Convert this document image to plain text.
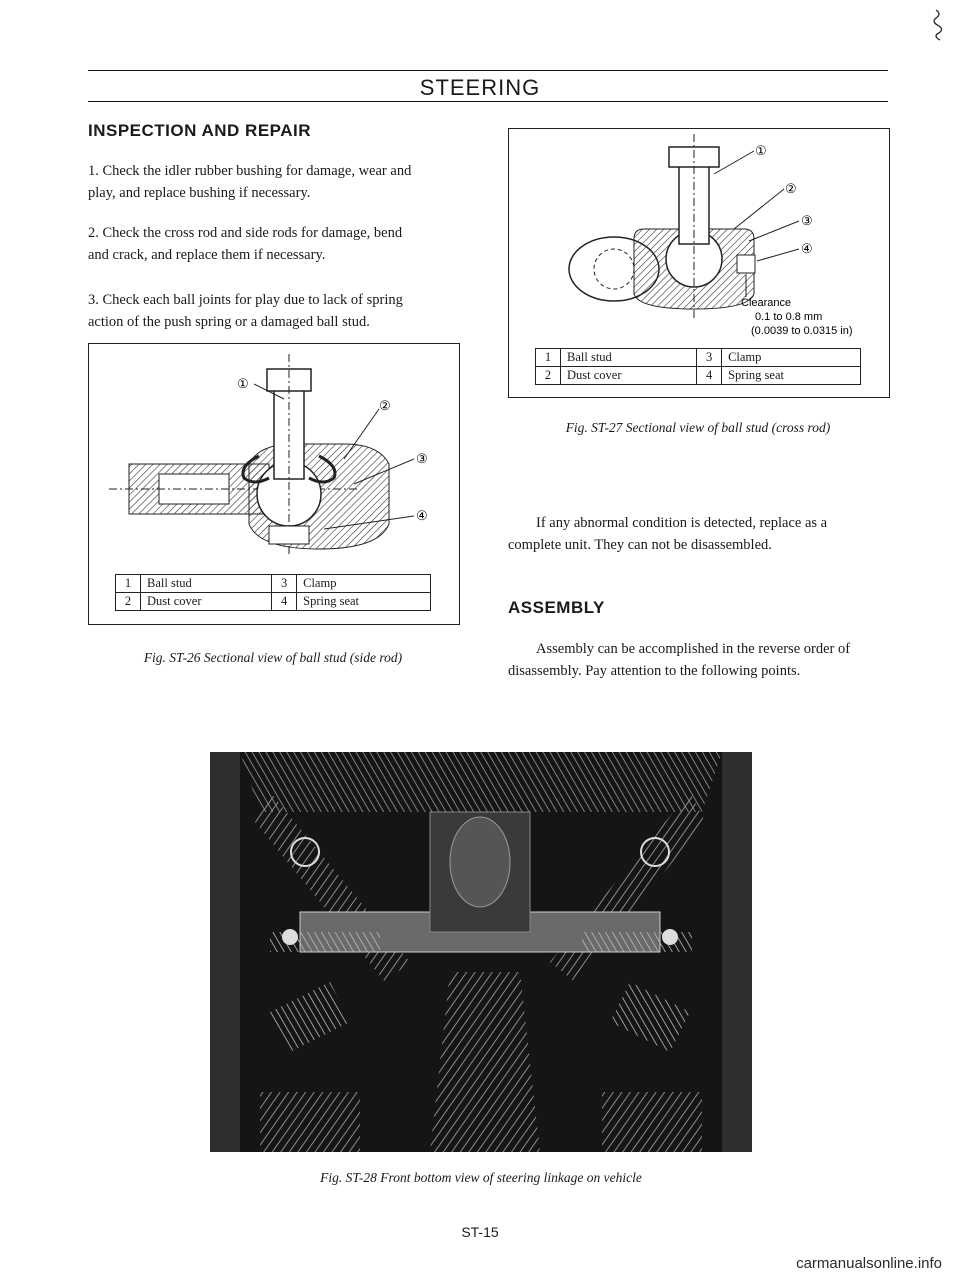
STEERING
INSPECTION AND REPAIR
1. Check the idler rubber bushing for damage, wear and
play, and replace bushing if necessary.
2. Check the cross rod and side rods for damage, bend
and crack, and replace them if necessary.
3. Check each ball joints for play due to lack of spring
action of the push spring or a damaged ball stud.
①
②
③
④
1	Ball stud	3	Clamp
2	Dust cover	4	Spring seat
Fig. ST-26 Sectional view of ball stud (side rod)
①
②
③
④
Clearance
0.1 to 0.8 mm
(0.0039 to 0.0315 in)
1	Ball stud	3	Clamp
2	Dust cover	4	Spring seat
Fig. ST-27 Sectional view of ball stud (cross rod)
If any abnormal condition is detected, replace as a
complete unit. They can not be disassembled.
ASSEMBLY
Assembly can be accomplished in the reverse order of
disassembly. Pay attention to the following points.
Fig. ST-28 Front bottom view of steering linkage on vehicle
ST-15
carmanualsonline.info
